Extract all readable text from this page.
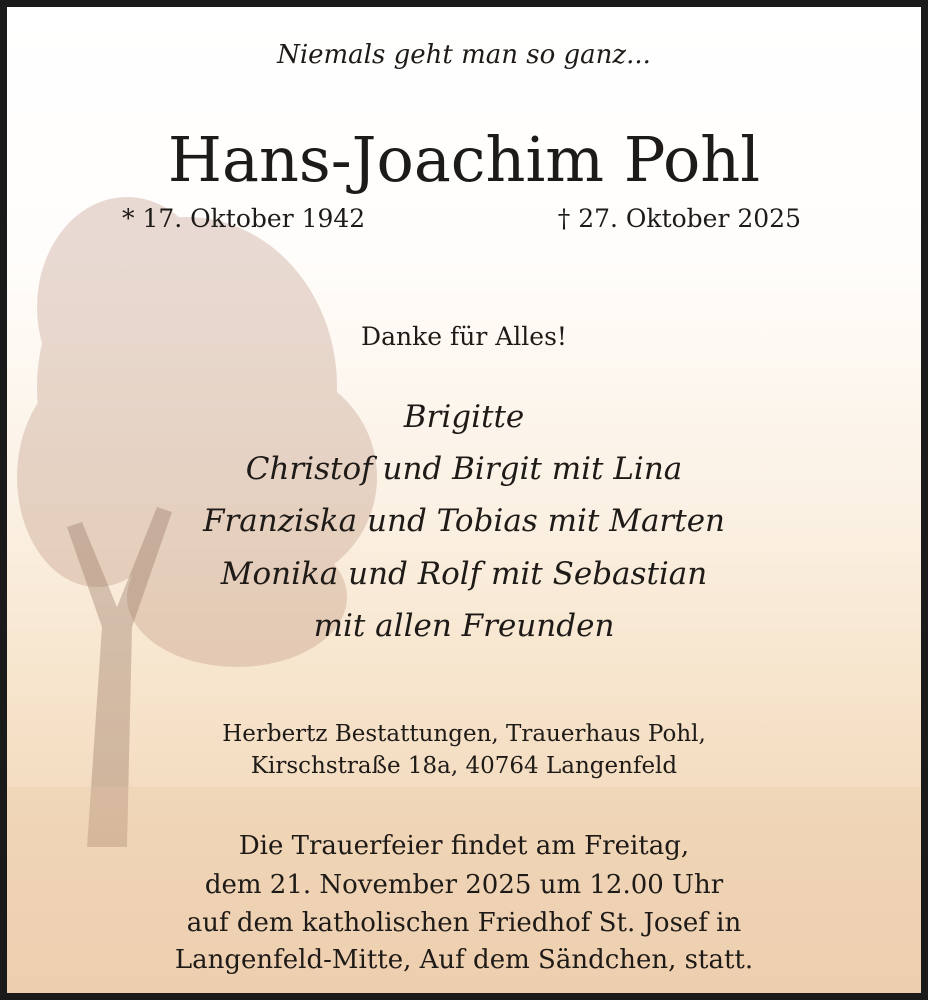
Niemals geht man so ganz...
Hans-Joachim Pohl
* 17. Oktober 1942	† 27. Oktober 2025
Danke für Alles!
Brigitte
Christof und Birgit mit Lina
Franziska und Tobias mit Marten
Monika und Rolf mit Sebastian
mit allen Freunden
Herbertz Bestattungen, Trauerhaus Pohl,
Kirschstraße 18a, 40764 Langenfeld
Die Trauerfeier findet am Freitag,
dem 21. November 2025 um 12.00 Uhr
auf dem katholischen Friedhof St. Josef in
Langenfeld-Mitte, Auf dem Sändchen, statt.
